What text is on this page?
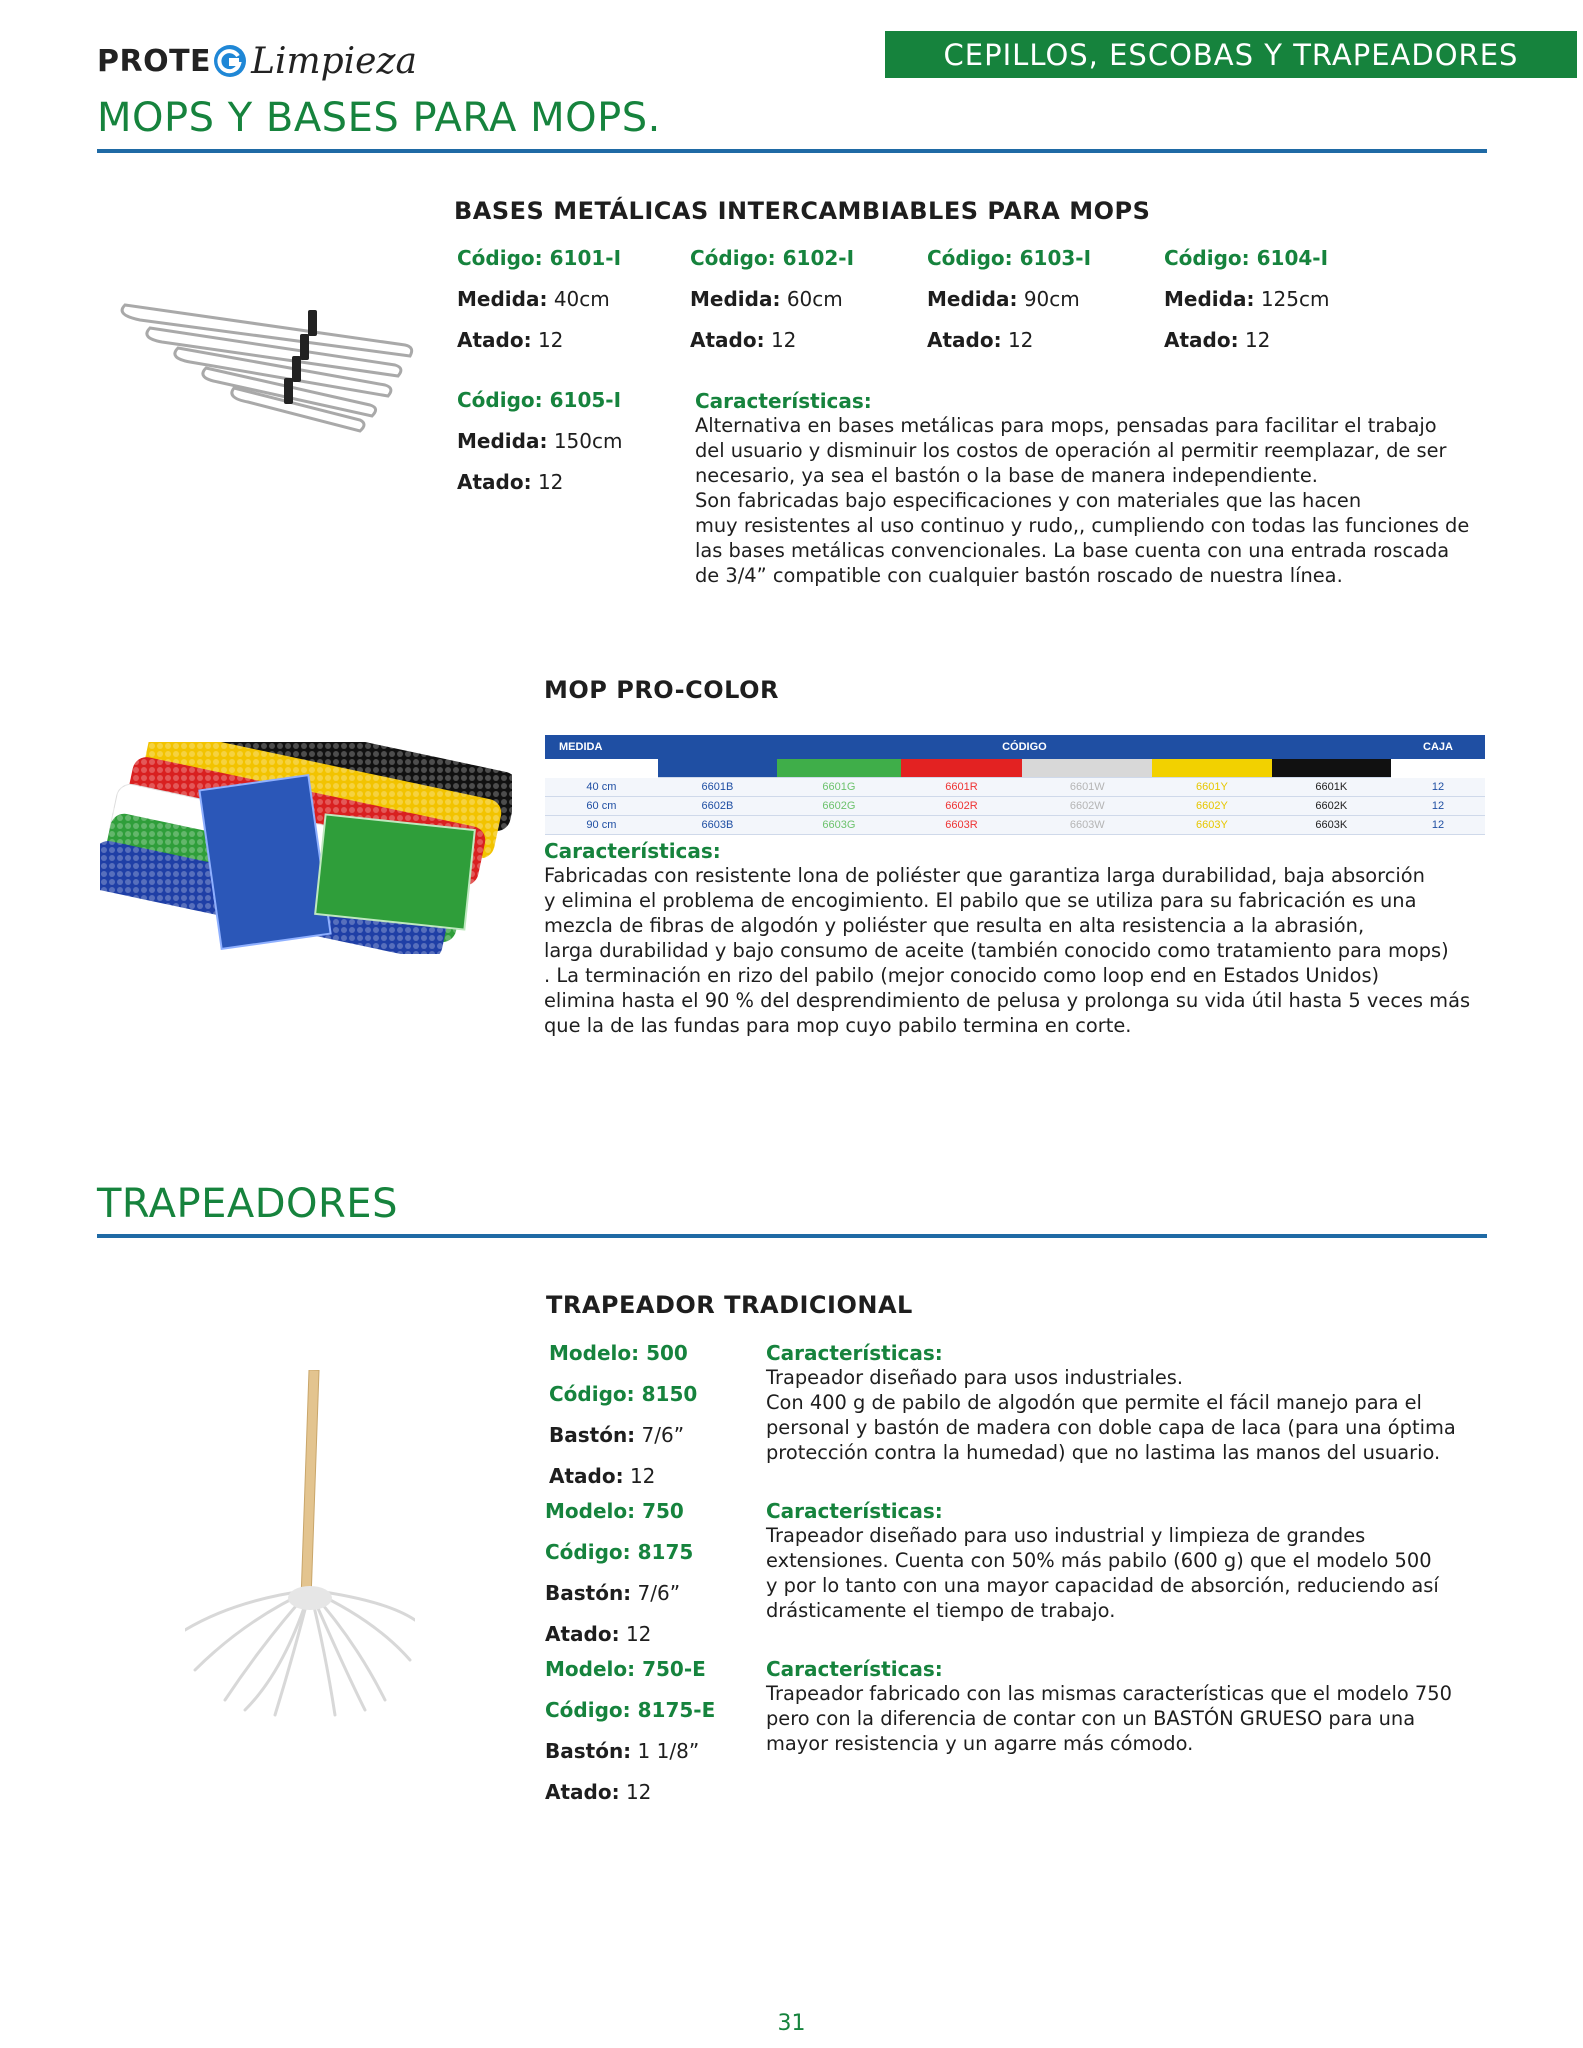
PROTE Limpieza	CEPILLOS, ESCOBAS Y TRAPEADORES
MOPS Y BASES PARA MOPS.
BASES METÁLICAS INTERCAMBIABLES PARA MOPS
Código: 6101-I
Medida: 40cm
Atado: 12
Código: 6102-I
Medida: 60cm
Atado: 12
Código: 6103-I
Medida: 90cm
Atado: 12
Código: 6104-I
Medida: 125cm
Atado: 12
Código: 6105-I
Medida: 150cm
Atado: 12
Características:
Alternativa en bases metálicas para mops, pensadas para facilitar el trabajo
del usuario y disminuir los costos de operación al permitir reemplazar, de ser
necesario, ya sea el bastón o la base de manera independiente.
Son fabricadas bajo especificaciones y con materiales que las hacen
muy resistentes al uso continuo y rudo,, cumpliendo con todas las funciones de
las bases metálicas convencionales. La base cuenta con una entrada roscada
de 3/4” compatible con cualquier bastón roscado de nuestra línea.
MOP PRO-COLOR
MEDIDA	CÓDIGO						CAJA

40 cm	6601B	6601G	6601R	6601W	6601Y	6601K	12
60 cm	6602B	6602G	6602R	6602W	6602Y	6602K	12
90 cm	6603B	6603G	6603R	6603W	6603Y	6603K	12
Características:
Fabricadas con resistente lona de poliéster que garantiza larga durabilidad, baja absorción
y elimina el problema de encogimiento. El pabilo que se utiliza para su fabricación es una
mezcla de fibras de algodón y poliéster que resulta en alta resistencia a la abrasión,
larga durabilidad y bajo consumo de aceite (también conocido como tratamiento para mops)
. La terminación en rizo del pabilo (mejor conocido como loop end en Estados Unidos)
elimina hasta el 90 % del desprendimiento de pelusa y prolonga su vida útil hasta 5 veces más
que la de las fundas para mop cuyo pabilo termina en corte.
TRAPEADORES
TRAPEADOR TRADICIONAL
Modelo: 500
Código: 8150
Bastón: 7/6”
Atado: 12
Características:
Trapeador diseñado para usos industriales.
Con 400 g de pabilo de algodón que permite el fácil manejo para el
personal y bastón de madera con doble capa de laca (para una óptima
protección contra la humedad) que no lastima las manos del usuario.
Modelo: 750
Código: 8175
Bastón: 7/6”
Atado: 12
Características:
Trapeador diseñado para uso industrial y limpieza de grandes
extensiones. Cuenta con 50% más pabilo (600 g) que el modelo 500
y por lo tanto con una mayor capacidad de absorción, reduciendo así
drásticamente el tiempo de trabajo.
Modelo: 750-E
Código: 8175-E
Bastón: 1 1/8”
Atado: 12
Características:
Trapeador fabricado con las mismas características que el modelo 750
pero con la diferencia de contar con un BASTÓN GRUESO para una
mayor resistencia y un agarre más cómodo.
31
